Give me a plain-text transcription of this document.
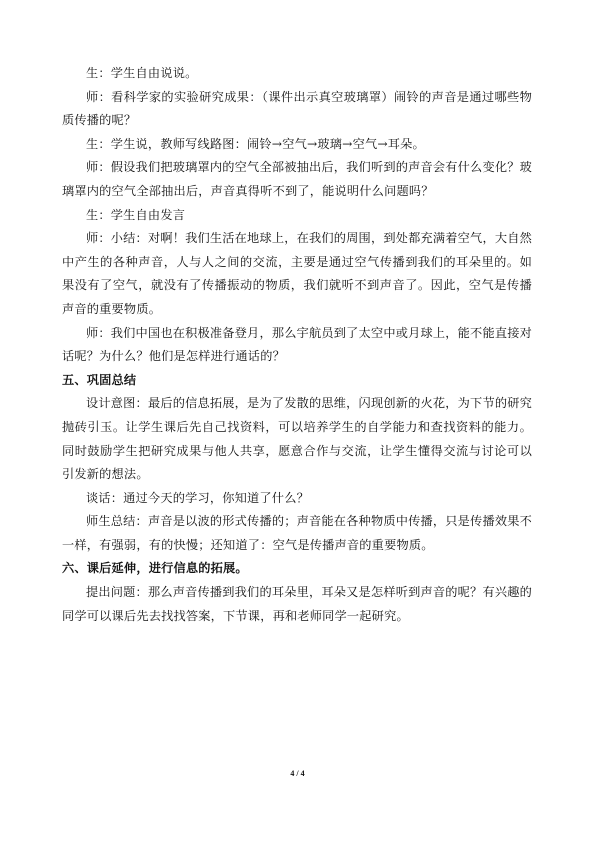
生：学生自由说说。

师：看科学家的实验研究成果：（课件出示真空玻璃罩）闹铃的声音是通过哪些物质传播的呢？

生：学生说，教师写线路图：闹铃→空气→玻璃→空气→耳朵。

师：假设我们把玻璃罩内的空气全部被抽出后，我们听到的声音会有什么变化？玻璃罩内的空气全部抽出后，声音真得听不到了，能说明什么问题吗？

生：学生自由发言

师：小结：对啊！我们生活在地球上，在我们的周围，到处都充满着空气，大自然中产生的各种声音，人与人之间的交流，主要是通过空气传播到我们的耳朵里的。如果没有了空气，就没有了传播振动的物质，我们就听不到声音了。因此，空气是传播声音的重要物质。

师：我们中国也在积极准备登月，那么宇航员到了太空中或月球上，能不能直接对话呢？为什么？他们是怎样进行通话的？

五、巩固总结

设计意图：最后的信息拓展，是为了发散的思维，闪现创新的火花，为下节的研究抛砖引玉。让学生课后先自己找资料，可以培养学生的自学能力和查找资料的能力。同时鼓励学生把研究成果与他人共享，愿意合作与交流，让学生懂得交流与讨论可以引发新的想法。

谈话：通过今天的学习，你知道了什么？

师生总结：声音是以波的形式传播的；声音能在各种物质中传播，只是传播效果不一样，有强弱，有的快慢；还知道了：空气是传播声音的重要物质。

六、课后延伸，进行信息的拓展。

提出问题：那么声音传播到我们的耳朵里，耳朵又是怎样听到声音的呢？有兴趣的同学可以课后先去找找答案，下节课，再和老师同学一起研究。

4 / 4
